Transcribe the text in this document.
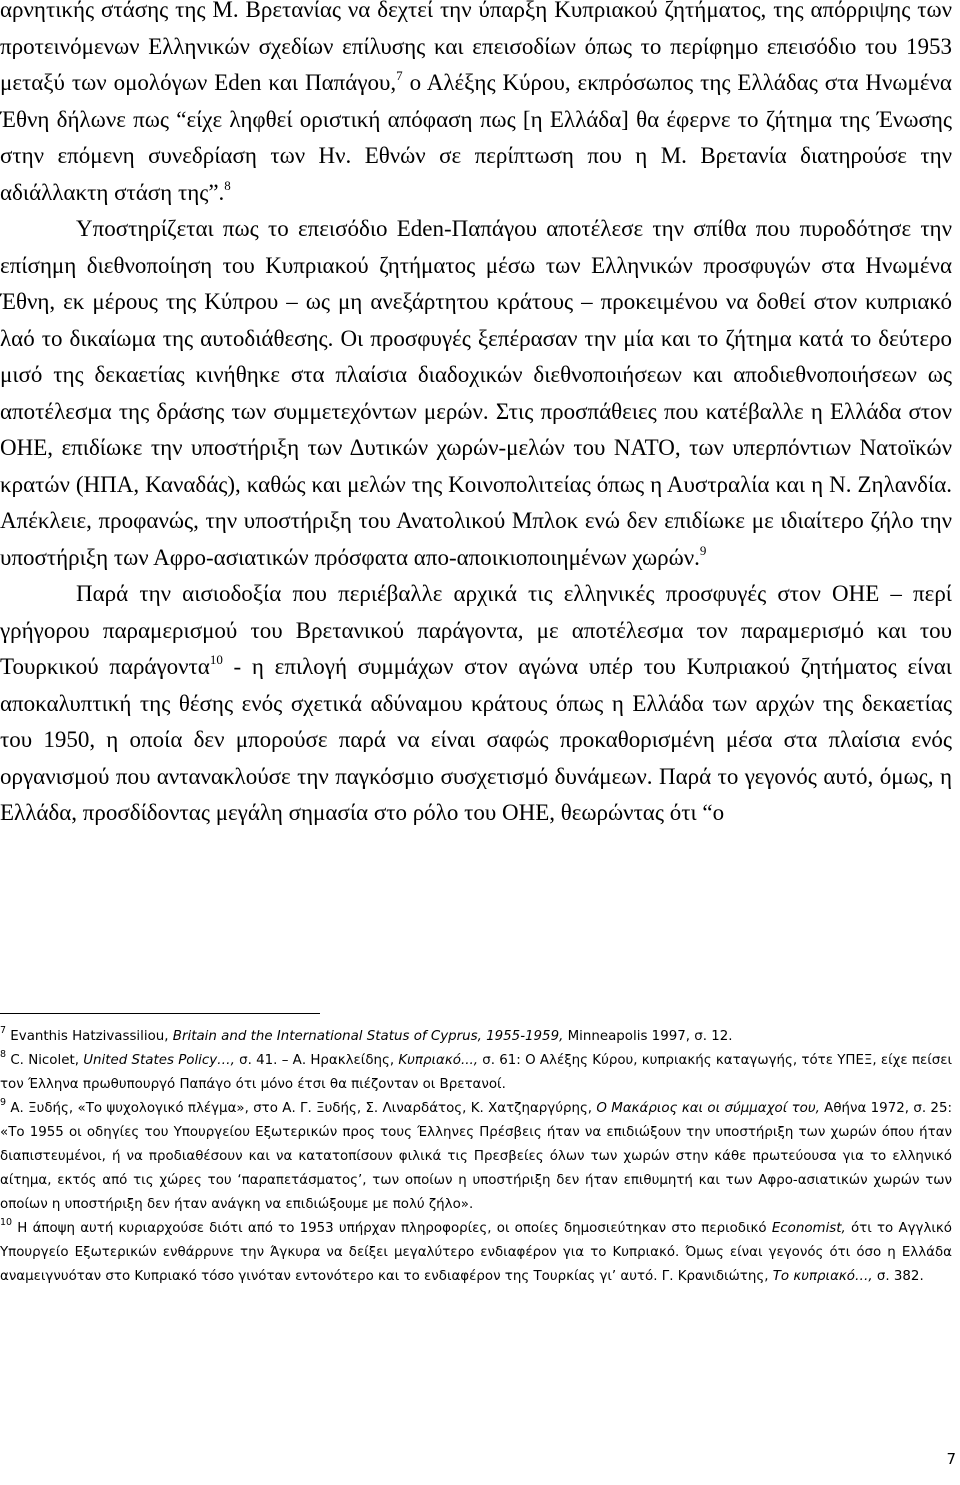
αρνητικής στάσης της Μ. Βρετανίας να δεχτεί την ύπαρξη Κυπριακού ζητήματος, της απόρριψης των προτεινόμενων Ελληνικών σχεδίων επίλυσης και επεισοδίων όπως το περίφημο επεισόδιο του 1953 μεταξύ των ομολόγων Eden και Παπάγου,$^7$ ο Αλέξης Κύρου, εκπρόσωπος της Ελλάδας στα Ηνωμένα Έθνη δήλωνε πως “είχε ληφθεί οριστική απόφαση πως [η Ελλάδα] θα έφερνε το ζήτημα της Ένωσης στην επόμενη συνεδρίαση των Ην. Εθνών σε περίπτωση που η Μ. Βρετανία διατηρούσε την αδιάλλακτη στάση της”.$^8$

Υποστηρίζεται πως το επεισόδιο Eden-Παπάγου αποτέλεσε την σπίθα που πυροδότησε την επίσημη διεθνοποίηση του Κυπριακού ζητήματος μέσω των Ελληνικών προσφυγών στα Ηνωμένα Έθνη, εκ μέρους της Κύπρου – ως μη ανεξάρτητου κράτους – προκειμένου να δοθεί στον κυπριακό λαό το δικαίωμα της αυτοδιάθεσης. Οι προσφυγές ξεπέρασαν την μία και το ζήτημα κατά το δεύτερο μισό της δεκαετίας κινήθηκε στα πλαίσια διαδοχικών διεθνοποιήσεων και αποδιεθνοποιήσεων ως αποτέλεσμα της δράσης των συμμετεχόντων μερών. Στις προσπάθειες που κατέβαλλε η Ελλάδα στον ΟΗΕ, επιδίωκε την υποστήριξη των Δυτικών χωρών-μελών του ΝΑΤΟ, των υπερπόντιων Νατοϊκών κρατών (ΗΠΑ, Καναδάς), καθώς και μελών της Κοινοπολιτείας όπως η Αυστραλία και η Ν. Ζηλανδία. Απέκλειε, προφανώς, την υποστήριξη του Ανατολικού Μπλοκ ενώ δεν επιδίωκε με ιδιαίτερο ζήλο την υποστήριξη των Αφρο-ασιατικών πρόσφατα απο-αποικιοποιημένων χωρών.$^9$

Παρά την αισιοδοξία που περιέβαλλε αρχικά τις ελληνικές προσφυγές στον ΟΗΕ – περί γρήγορου παραμερισμού του Βρετανικού παράγοντα, με αποτέλεσμα τον παραμερισμό και του Τουρκικού παράγοντα$^{10}$ - η επιλογή συμμάχων στον αγώνα υπέρ του Κυπριακού ζητήματος είναι αποκαλυπτική της θέσης ενός σχετικά αδύναμου κράτους όπως η Ελλάδα των αρχών της δεκαετίας του 1950, η οποία δεν μπορούσε παρά να είναι σαφώς προκαθορισμένη μέσα στα πλαίσια ενός οργανισμού που αντανακλούσε την παγκόσμιο συσχετισμό δυνάμεων. Παρά το γεγονός αυτό, όμως, η Ελλάδα, προσδίδοντας μεγάλη σημασία στο ρόλο του ΟΗΕ, θεωρώντας ότι “ο

$^7$ Evanthis Hatzivassiliou, Britain and the International Status of Cyprus, 1955-1959, Minneapolis 1997, σ. 12.

$^8$ C. Nicolet, United States Policy…, σ. 41. – Α. Ηρακλείδης, Κυπριακό..., σ. 61: Ο Αλέξης Κύρου, κυπριακής καταγωγής, τότε ΥΠΕΞ, είχε πείσει τον Έλληνα πρωθυπουργό Παπάγο ότι μόνο έτσι θα πιέζονταν οι Βρετανοί.

$^9$ Α. Ξυδής, «Το ψυχολογικό πλέγμα», στο Α. Γ. Ξυδής, Σ. Λιναρδάτος, Κ. Χατζηαργύρης, Ο Μακάριος και οι σύμμαχοί του, Αθήνα 1972, σ. 25: «Το 1955 οι οδηγίες του Υπουργείου Εξωτερικών προς τους Έλληνες Πρέσβεις ήταν να επιδιώξουν την υποστήριξη των χωρών όπου ήταν διαπιστευμένοι, ή να προδιαθέσουν και να κατατοπίσουν φιλικά τις Πρεσβείες όλων των χωρών στην κάθε πρωτεύουσα για το ελληνικό αίτημα, εκτός από τις χώρες του ‘παραπετάσματος’, των οποίων η υποστήριξη δεν ήταν επιθυμητή και των Αφρο-ασιατικών χωρών των οποίων η υποστήριξη δεν ήταν ανάγκη να επιδιώξουμε με πολύ ζήλο».

$^{10}$ Η άποψη αυτή κυριαρχούσε διότι από το 1953 υπήρχαν πληροφορίες, οι οποίες δημοσιεύτηκαν στο περιοδικό Economist, ότι το Αγγλικό Υπουργείο Εξωτερικών ενθάρρυνε την Άγκυρα να δείξει μεγαλύτερο ενδιαφέρον για το Κυπριακό. Όμως είναι γεγονός ότι όσο η Ελλάδα αναμειγνυόταν στο Κυπριακό τόσο γινόταν εντονότερο και το ενδιαφέρον της Τουρκίας γι’ αυτό. Γ. Κρανιδιώτης, Το κυπριακό…, σ. 382.

7
